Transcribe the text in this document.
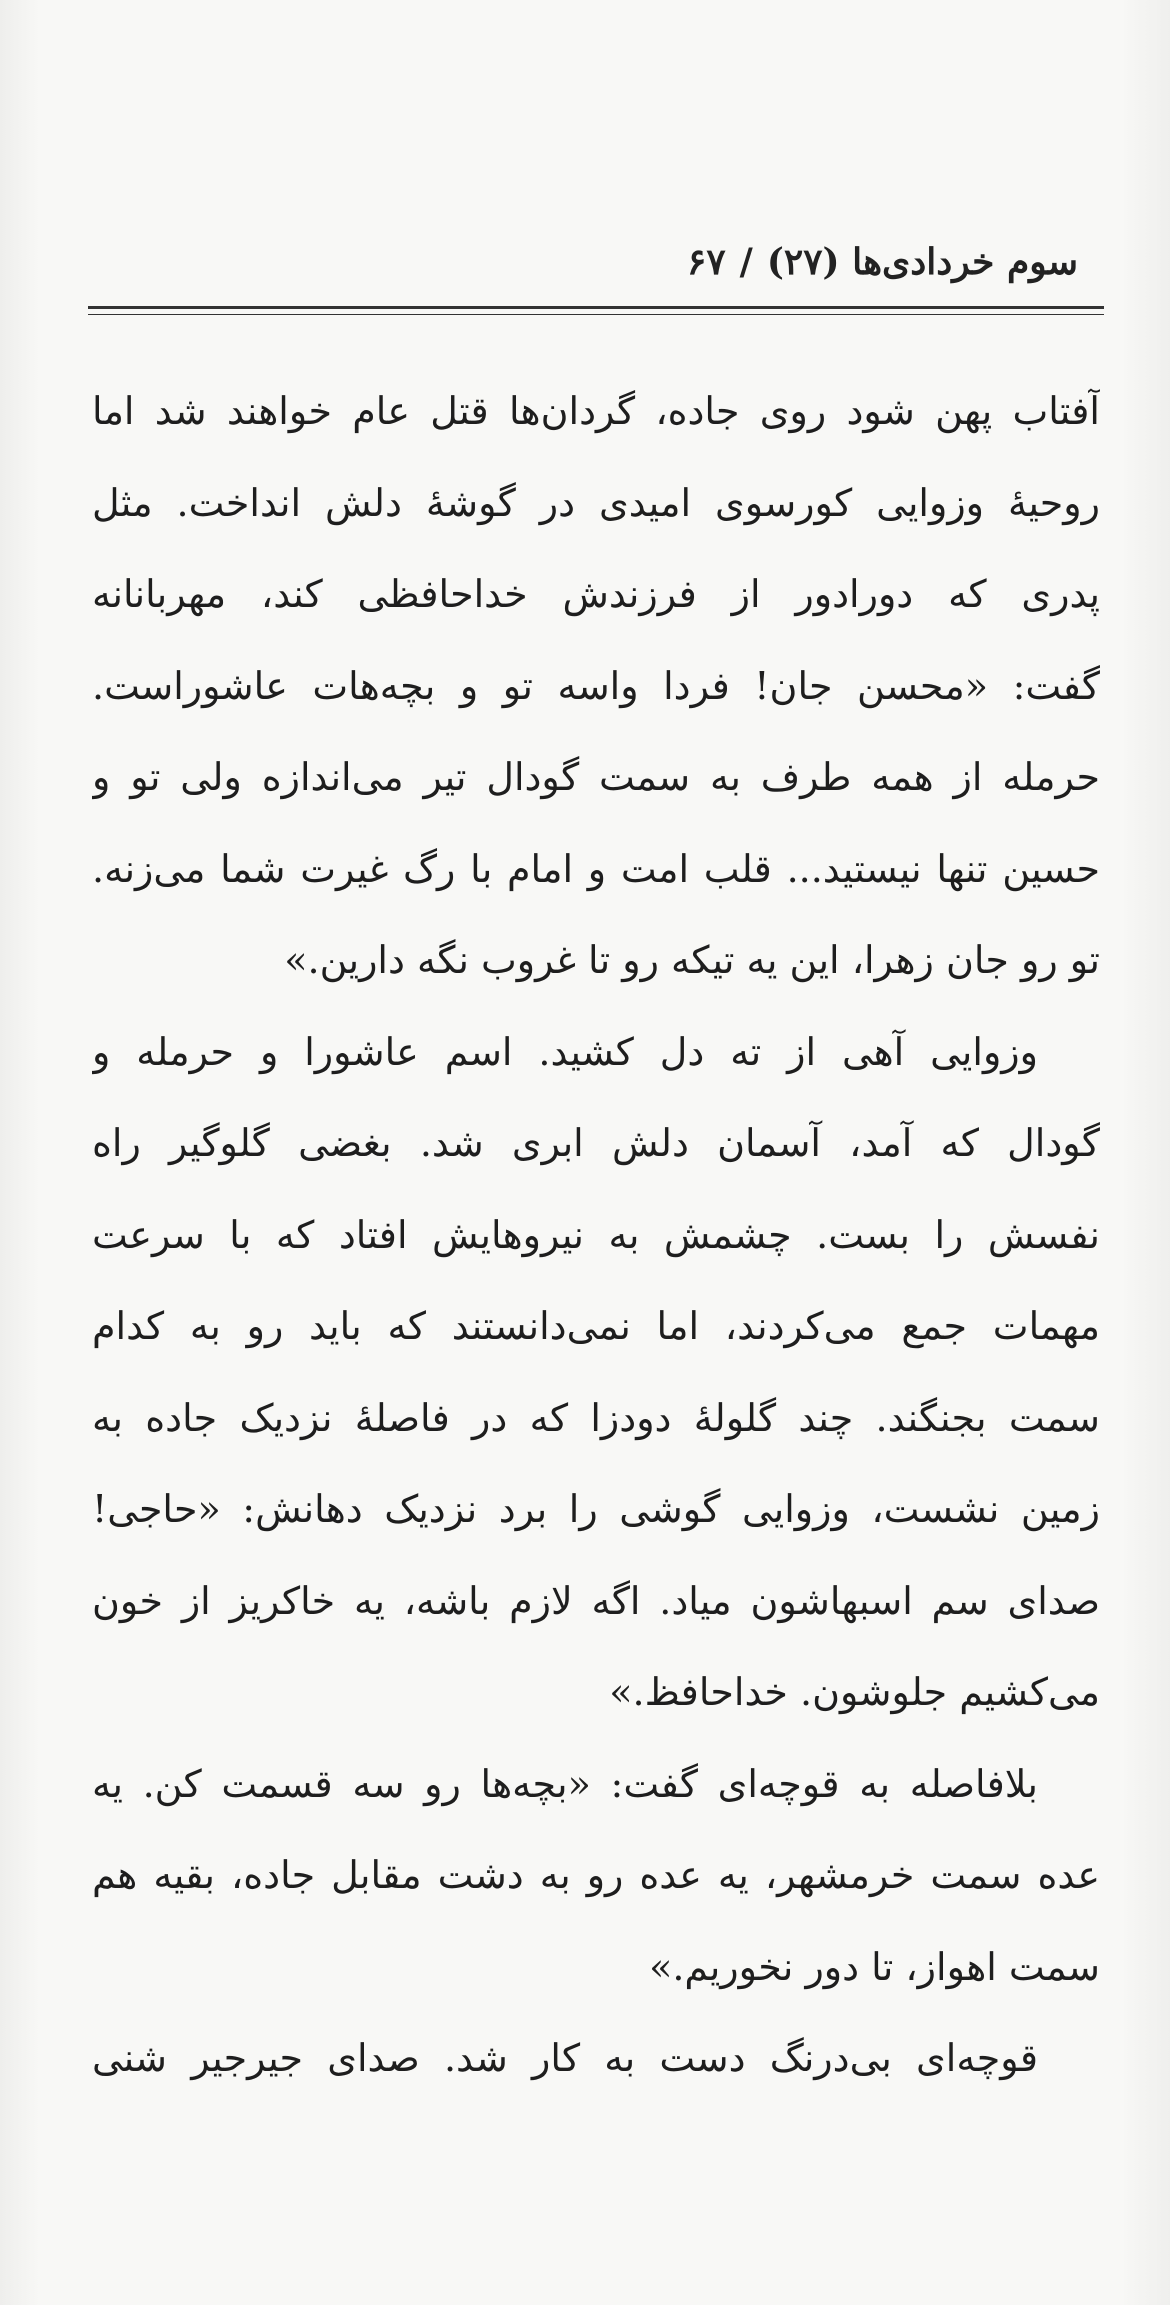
سوم خردادی‌ها (۲۷)/۶۷
آفتاب پهن شود روی جاده، گردان‌ها قتل عام خواهند شد اما
روحیهٔ وزوایی کورسوی امیدی در گوشهٔ دلش انداخت. مثل
پدری که دورادور از فرزندش خداحافظی کند، مهربانانه
گفت: «محسن جان! فردا واسه تو و بچه‌هات عاشوراست.
حرمله از همه طرف به سمت گودال تیر می‌اندازه ولی تو و
حسین تنها نیستید... قلب امت و امام با رگ غیرت شما می‌زنه.
تو رو جان زهرا، این یه تیکه رو تا غروب نگه دارین.»
وزوایی آهی از ته دل کشید. اسم عاشورا و حرمله و
گودال که آمد، آسمان دلش ابری شد. بغضی گلوگیر راه
نفسش را بست. چشمش به نیروهایش افتاد که با سرعت
مهمات جمع می‌کردند، اما نمی‌دانستند که باید رو به کدام
سمت بجنگند. چند گلولهٔ دودزا که در فاصلهٔ نزدیک جاده به
زمین نشست، وزوایی گوشی را برد نزدیک دهانش: «حاجی!
صدای سم اسبهاشون میاد. اگه لازم باشه، یه خاکریز از خون
می‌کشیم جلوشون. خداحافظ.»
بلافاصله به قوچه‌ای گفت: «بچه‌ها رو سه قسمت کن. یه
عده سمت خرمشهر، یه عده رو به دشت مقابل جاده، بقیه هم
سمت اهواز، تا دور نخوریم.»
قوچه‌ای بی‌درنگ دست به کار شد. صدای جیرجیر شنی
